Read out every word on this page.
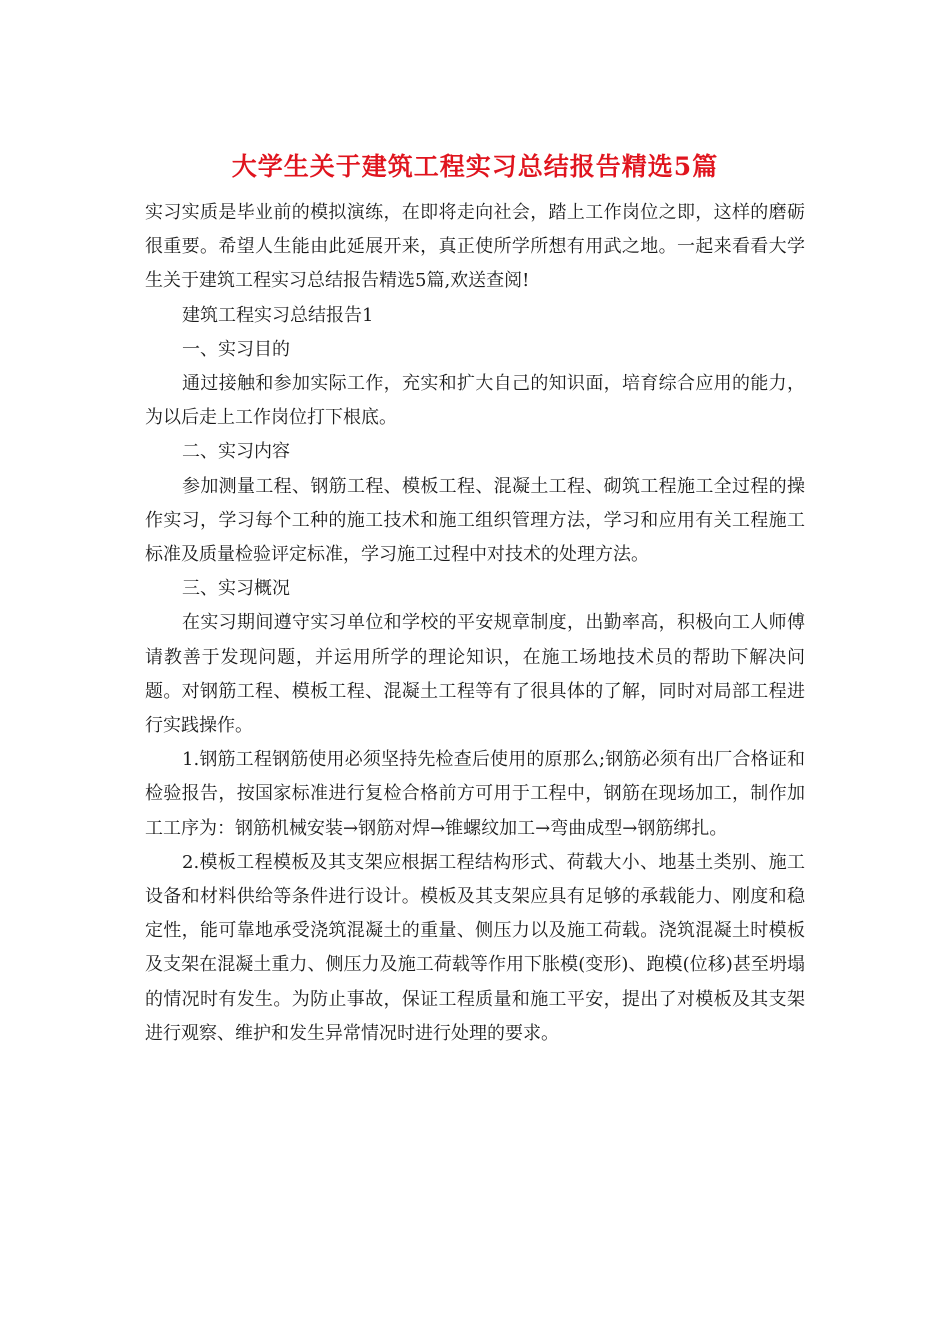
大学生关于建筑工程实习总结报告精选5篇

实习实质是毕业前的模拟演练，在即将走向社会，踏上工作岗位之即，这样的磨砺很重要。希望人生能由此延展开来，真正使所学所想有用武之地。一起来看看大学生关于建筑工程实习总结报告精选5篇,欢送查阅!

建筑工程实习总结报告1

一、实习目的

通过接触和参加实际工作，充实和扩大自己的知识面，培育综合应用的能力，为以后走上工作岗位打下根底。

二、实习内容

参加测量工程、钢筋工程、模板工程、混凝土工程、砌筑工程施工全过程的操作实习，学习每个工种的施工技术和施工组织管理方法，学习和应用有关工程施工标准及质量检验评定标准，学习施工过程中对技术的处理方法。

三、实习概况

在实习期间遵守实习单位和学校的平安规章制度，出勤率高，积极向工人师傅请教善于发现问题，并运用所学的理论知识，在施工场地技术员的帮助下解决问题。对钢筋工程、模板工程、混凝土工程等有了很具体的了解，同时对局部工程进行实践操作。

1.钢筋工程钢筋使用必须坚持先检查后使用的原那么;钢筋必须有出厂合格证和检验报告，按国家标准进行复检合格前方可用于工程中，钢筋在现场加工，制作加工工序为：钢筋机械安装→钢筋对焊→锥螺纹加工→弯曲成型→钢筋绑扎。

2.模板工程模板及其支架应根据工程结构形式、荷载大小、地基土类别、施工设备和材料供给等条件进行设计。模板及其支架应具有足够的承载能力、刚度和稳定性，能可靠地承受浇筑混凝土的重量、侧压力以及施工荷载。浇筑混凝土时模板及支架在混凝土重力、侧压力及施工荷载等作用下胀模(变形)、跑模(位移)甚至坍塌的情况时有发生。为防止事故，保证工程质量和施工平安，提出了对模板及其支架进行观察、维护和发生异常情况时进行处理的要求。
